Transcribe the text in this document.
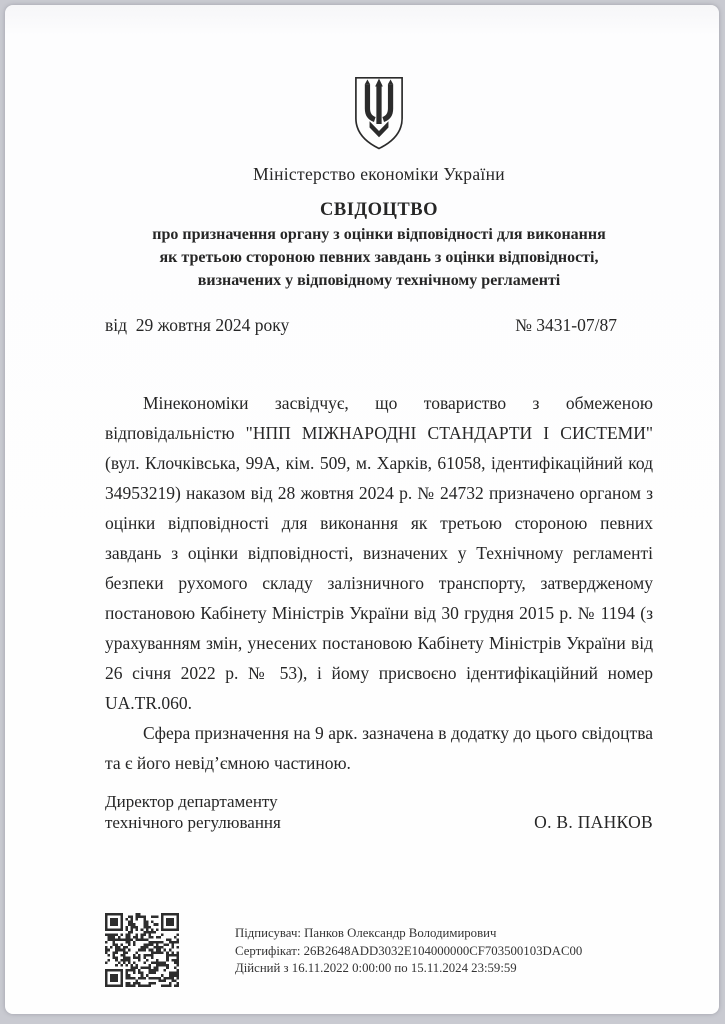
Міністерство економіки України
СВІДОЦТВО
про призначення органу з оцінки відповідності для виконання
як третьою стороною певних завдань з оцінки відповідності,
визначених у відповідному технічному регламенті
від  29 жовтня 2024 року	№ 3431-07/87

Мінекономіки засвідчує, що товариство з обмеженою відповідальністю "НПП МІЖНАРОДНІ СТАНДАРТИ І СИСТЕМИ" (вул. Клочківська, 99А, кім. 509, м. Харків, 61058, ідентифікаційний код 34953219) наказом від 28 жовтня 2024 р. № 24732 призначено органом з оцінки відповідності для виконання як третьою стороною певних завдань з оцінки відповідності, визначених у Технічному регламенті безпеки рухомого складу залізничного транспорту, затвердженому постановою Кабінету Міністрів України від 30 грудня 2015 р. № 1194 (з урахуванням змін, унесених постановою Кабінету Міністрів України від 26 січня 2022 р. № 53), і йому присвоєно ідентифікаційний номер UA.TR.060.

Сфера призначення на 9 арк. зазначена в додатку до цього свідоцтва та є його невід’ємною частиною.

Директор департаменту
технічного регулювання	О. В. ПАНКОВ
Підписувач: Панков Олександр Володимирович
Сертифікат: 26B2648ADD3032E104000000CF703500103DAC00
Дійсний з 16.11.2022 0:00:00 по 15.11.2024 23:59:59
